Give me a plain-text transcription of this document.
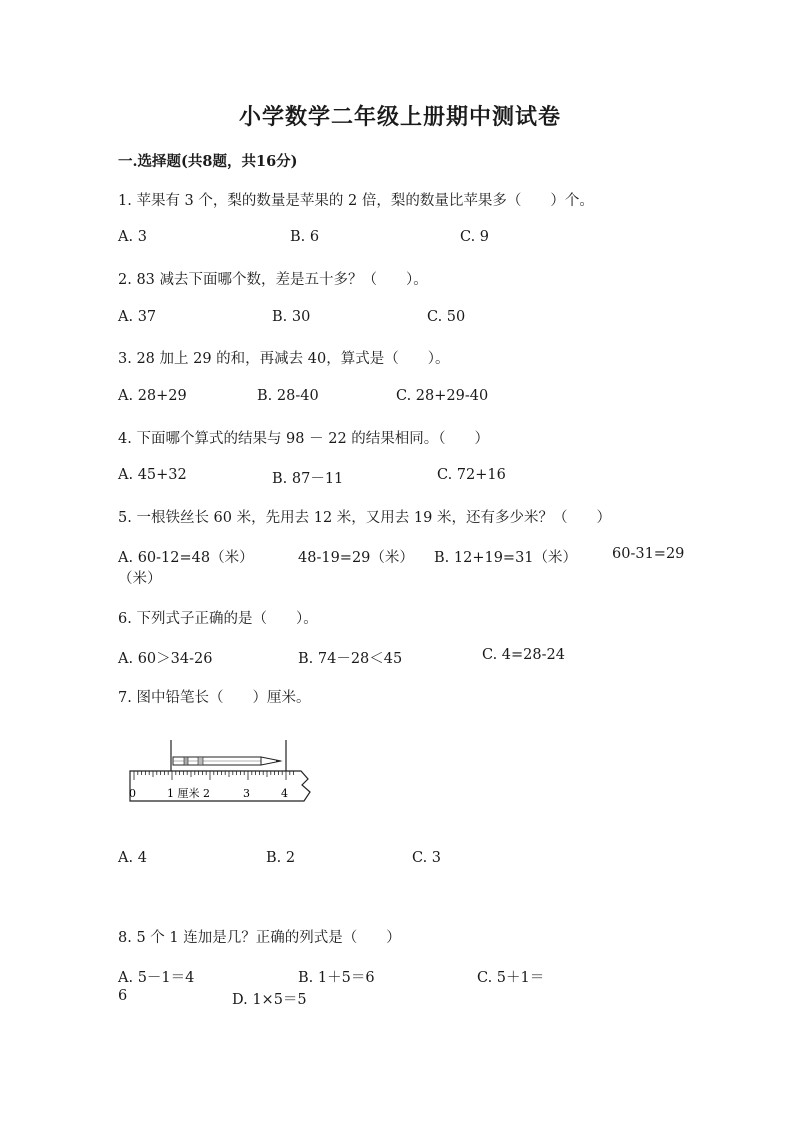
小学数学二年级上册期中测试卷
一.选择题(共8题，共16分)
1. 苹果有 3 个，梨的数量是苹果的 2 倍，梨的数量比苹果多（　　）个。
A. 3	B. 6	C. 9
2. 83 减去下面哪个数，差是五十多？（　　）。
A. 37	B. 30	C. 50
3. 28 加上 29 的和，再减去 40，算式是（　　）。
A. 28+29	B. 28-40	C. 28+29-40
4. 下面哪个算式的结果与 98 － 22 的结果相同。（　　）
A. 45+32	B. 87－11	C. 72+16
5. 一根铁丝长 60 米，先用去 12 米，又用去 19 米，还有多少米？（　　）
A. 60-12=48（米）	48-19=29（米） B. 12+19=31（米） 60-31=29
（米）
6. 下列式子正确的是（　　）。
A. 60＞34-26	B. 74－28＜45	C. 4=28-24
7. 图中铅笔长（　　）厘米。
0	1 厘米 2	3	4
A. 4	B. 2	C. 3
8. 5 个 1 连加是几？正确的列式是（　　）
A. 5－1＝4	B. 1＋5＝6	C. 5＋1＝
6	D. 1×5＝5
